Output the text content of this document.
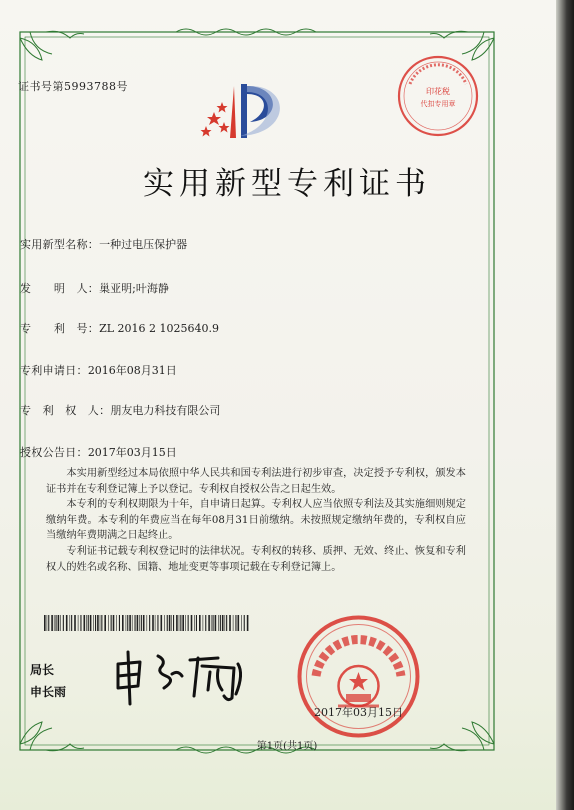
印花税
代扣专用章
证书号第5993788号
实用新型专利证书
实用新型名称：一种过电压保护器
发　　明　人：巢亚明;叶海静
专　　利　号：ZL 2016 2 1025640.9
专利申请日：2016年08月31日
专　利　权　人：朋友电力科技有限公司
授权公告日：2017年03月15日

本实用新型经过本局依照中华人民共和国专利法进行初步审查，决定授予专利权，颁发本证书并在专利登记簿上予以登记。专利权自授权公告之日起生效。

本专利的专利权期限为十年，自申请日起算。专利权人应当依照专利法及其实施细则规定缴纳年费。本专利的年费应当在每年08月31日前缴纳。未按照规定缴纳年费的，专利权自应当缴纳年费期满之日起终止。

专利证书记载专利权登记时的法律状况。专利权的转移、质押、无效、终止、恢复和专利权人的姓名或名称、国籍、地址变更等事项记载在专利登记簿上。

局长
申长雨
2017年03月15日
第1页(共1页)
